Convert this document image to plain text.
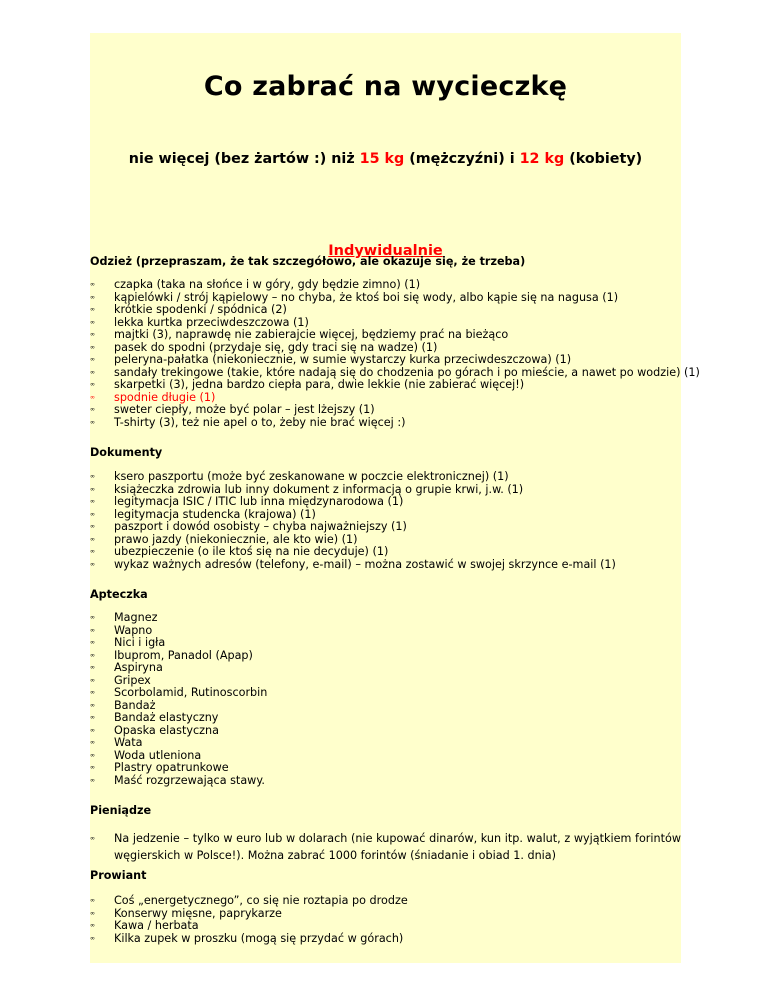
Co zabrać na wycieczkę
nie więcej (bez żartów :) niż 15 kg (mężczyźni) i 12 kg (kobiety)
Indywidualnie
Odzież (przepraszam, że tak szczegółowo, ale okazuje się, że trzeba)
∞ czapka (taka na słońce i w góry, gdy będzie zimno) (1)
∞ kąpielówki / strój kąpielowy – no chyba, że ktoś boi się wody, albo kąpie się na nagusa (1)
∞ krótkie spodenki / spódnica (2)
∞ lekka kurtka przeciwdeszczowa (1)
∞ majtki (3), naprawdę nie zabierajcie więcej, będziemy prać na bieżąco
∞ pasek do spodni (przydaje się, gdy traci się na wadze) (1)
∞ peleryna-pałatka (niekoniecznie, w sumie wystarczy kurka przeciwdeszczowa) (1)
∞ sandały trekingowe (takie, które nadają się do chodzenia po górach i po mieście, a nawet po wodzie) (1)
∞ skarpetki (3), jedna bardzo ciepła para, dwie lekkie (nie zabierać więcej!)
∞ spodnie długie (1)
∞ sweter ciepły, może być polar – jest lżejszy (1)
∞ T-shirty (3), też nie apel o to, żeby nie brać więcej :)
Dokumenty
∞ ksero paszportu (może być zeskanowane w poczcie elektronicznej) (1)
∞ książeczka zdrowia lub inny dokument z informacją o grupie krwi, j.w. (1)
∞ legitymacja ISIC / ITIC lub inna międzynarodowa (1)
∞ legitymacja studencka (krajowa) (1)
∞ paszport i dowód osobisty – chyba najważniejszy (1)
∞ prawo jazdy (niekoniecznie, ale kto wie) (1)
∞ ubezpieczenie (o ile ktoś się na nie decyduje) (1)
∞ wykaz ważnych adresów (telefony, e-mail) – można zostawić w swojej skrzynce e-mail (1)
Apteczka
∞ Magnez
∞ Wapno
∞ Nici i igła
∞ Ibuprom, Panadol (Apap)
∞ Aspiryna
∞ Gripex
∞ Scorbolamid, Rutinoscorbin
∞ Bandaż
∞ Bandaż elastyczny
∞ Opaska elastyczna
∞ Wata
∞ Woda utleniona
∞ Plastry opatrunkowe
∞ Maść rozgrzewająca stawy.
Pieniądze
∞ Na jedzenie – tylko w euro lub w dolarach (nie kupować dinarów, kun itp. walut, z wyjątkiem forintów węgierskich w Polsce!). Można zabrać 1000 forintów (śniadanie i obiad 1. dnia)
Prowiant
∞ Coś „energetycznego”, co się nie roztapia po drodze
∞ Konserwy mięsne, paprykarze
∞ Kawa / herbata
∞ Kilka zupek w proszku (mogą się przydać w górach)
